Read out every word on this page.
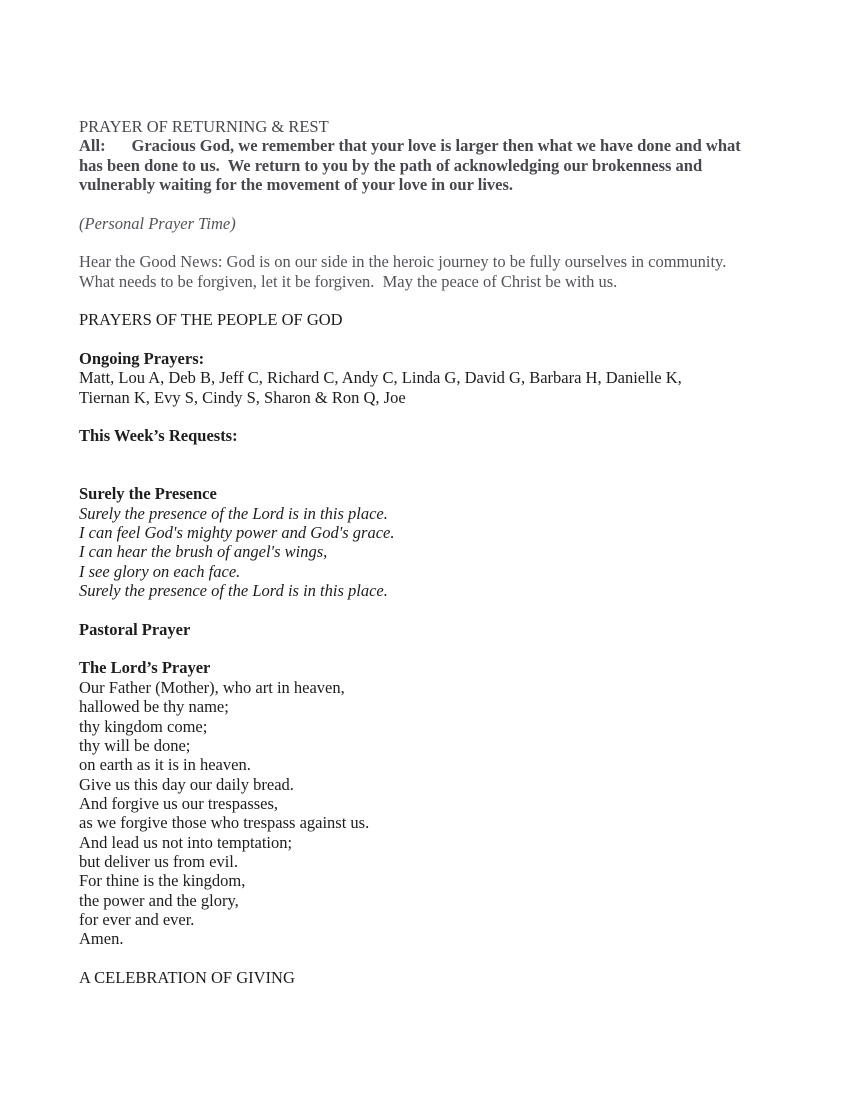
PRAYER OF RETURNING & REST
All: Gracious God, we remember that your love is larger then what we have done and what
has been done to us.  We return to you by the path of acknowledging our brokenness and
vulnerably waiting for the movement of your love in our lives.
(Personal Prayer Time)
Hear the Good News: God is on our side in the heroic journey to be fully ourselves in community.
What needs to be forgiven, let it be forgiven.  May the peace of Christ be with us.
PRAYERS OF THE PEOPLE OF GOD
Ongoing Prayers:
Matt, Lou A, Deb B, Jeff C, Richard C, Andy C, Linda G, David G, Barbara H, Danielle K,
Tiernan K, Evy S, Cindy S, Sharon & Ron Q, Joe
This Week’s Requests:
Surely the Presence
Surely the presence of the Lord is in this place.
I can feel God's mighty power and God's grace.
I can hear the brush of angel's wings,
I see glory on each face.
Surely the presence of the Lord is in this place.
Pastoral Prayer
The Lord’s Prayer
Our Father (Mother), who art in heaven,
hallowed be thy name;
thy kingdom come;
thy will be done;
on earth as it is in heaven.
Give us this day our daily bread.
And forgive us our trespasses,
as we forgive those who trespass against us.
And lead us not into temptation;
but deliver us from evil.
For thine is the kingdom,
the power and the glory,
for ever and ever.
Amen.
A CELEBRATION OF GIVING
